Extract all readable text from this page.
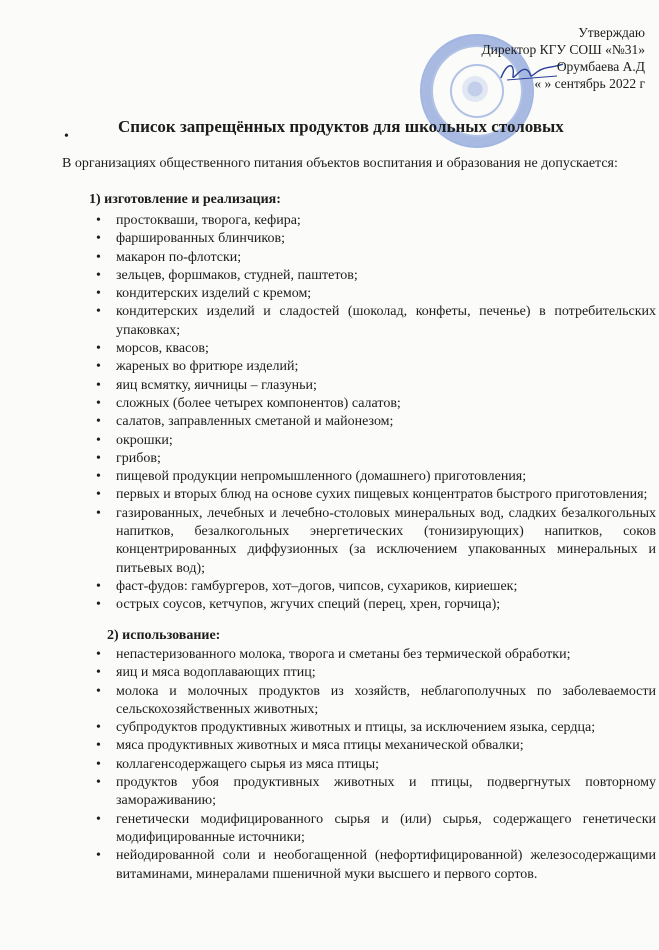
Утверждаю
Директор КГУ СОШ «№31»
Орумбаева А.Д
« » сентябрь 2022 г
•
Список запрещённых продуктов для школьных столовых
В организациях общественного питания объектов воспитания и образования не допускается:
1) изготовление и реализация:
• простокваши, творога, кефира;
• фаршированных блинчиков;
• макарон по-флотски;
• зельцев, форшмаков, студней, паштетов;
• кондитерских изделий с кремом;
• кондитерских изделий и сладостей (шоколад, конфеты, печенье) в потребительских упаковках;
• морсов, квасов;
• жареных во фритюре изделий;
• яиц всмятку, яичницы – глазуньи;
• сложных (более четырех компонентов) салатов;
• салатов, заправленных сметаной и майонезом;
• окрошки;
• грибов;
• пищевой продукции непромышленного (домашнего) приготовления;
• первых и вторых блюд на основе сухих пищевых концентратов быстрого приготовления;
• газированных, лечебных и лечебно-столовых минеральных вод, сладких безалкогольных напитков, безалкогольных энергетических (тонизирующих) напитков, соков концентрированных диффузионных (за исключением упакованных минеральных и питьевых вод);
• фаст-фудов: гамбургеров, хот–догов, чипсов, сухариков, кириешек;
• острых соусов, кетчупов, жгучих специй (перец, хрен, горчица);
2) использование:
• непастеризованного молока, творога и сметаны без термической обработки;
• яиц и мяса водоплавающих птиц;
• молока и молочных продуктов из хозяйств, неблагополучных по заболеваемости сельскохозяйственных животных;
• субпродуктов продуктивных животных и птицы, за исключением языка, сердца;
• мяса продуктивных животных и мяса птицы механической обвалки;
• коллагенсодержащего сырья из мяса птицы;
• продуктов убоя продуктивных животных и птицы, подвергнутых повторному замораживанию;
• генетически модифицированного сырья и (или) сырья, содержащего генетически модифицированные источники;
• нейодированной соли и необогащенной (нефортифицированной) железосодержащими витаминами, минералами пшеничной муки высшего и первого сортов.
